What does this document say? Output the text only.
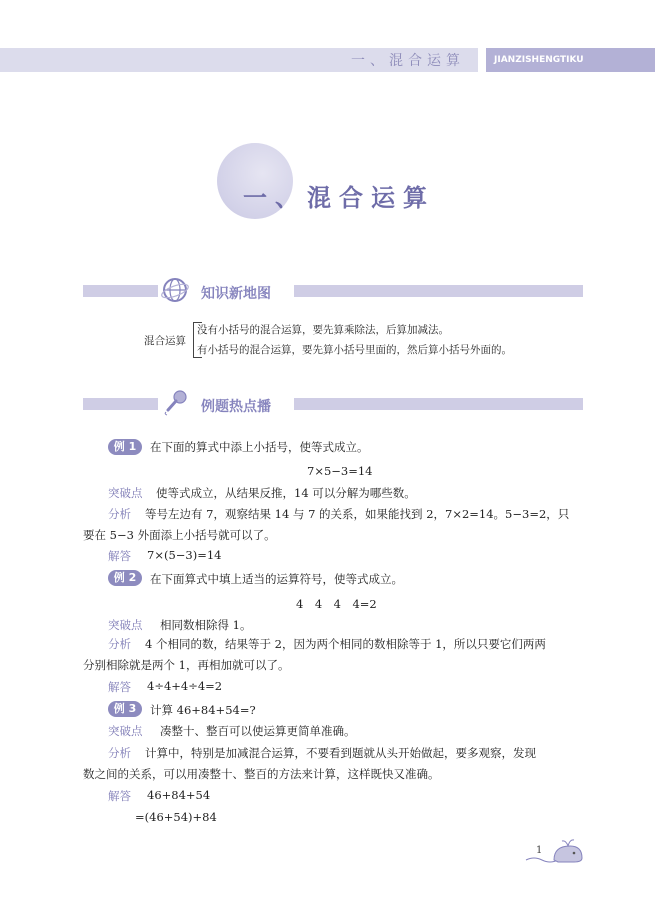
一、混合运算	JIANZISHENGTIKU
一、混合运算
知识新地图
混合运算
没有小括号的混合运算，要先算乘除法，后算加减法。
有小括号的混合运算，要先算小括号里面的，然后算小括号外面的。
例题热点播
例 1	在下面的算式中添上小括号，使等式成立。
7×5−3=14
突破点 使等式成立，从结果反推，14 可以分解为哪些数。
分析 等号左边有 7，观察结果 14 与 7 的关系，如果能找到 2，7×2=14。5−3=2，只
要在 5−3 外面添上小括号就可以了。
解答 7×(5−3)=14
例 2	在下面算式中填上适当的运算符号，使等式成立。
4　4　4　4=2
突破点 相同数相除得 1。
分析 4 个相同的数，结果等于 2，因为两个相同的数相除等于 1，所以只要它们两两
分别相除就是两个 1，再相加就可以了。
解答 4÷4+4÷4=2
例 3	计算 46+84+54=?
突破点 凑整十、整百可以使运算更简单准确。
分析 计算中，特别是加减混合运算，不要看到题就从头开始做起，要多观察，发现
数之间的关系，可以用凑整十、整百的方法来计算，这样既快又准确。
解答 46+84+54
=(46+54)+84
1
